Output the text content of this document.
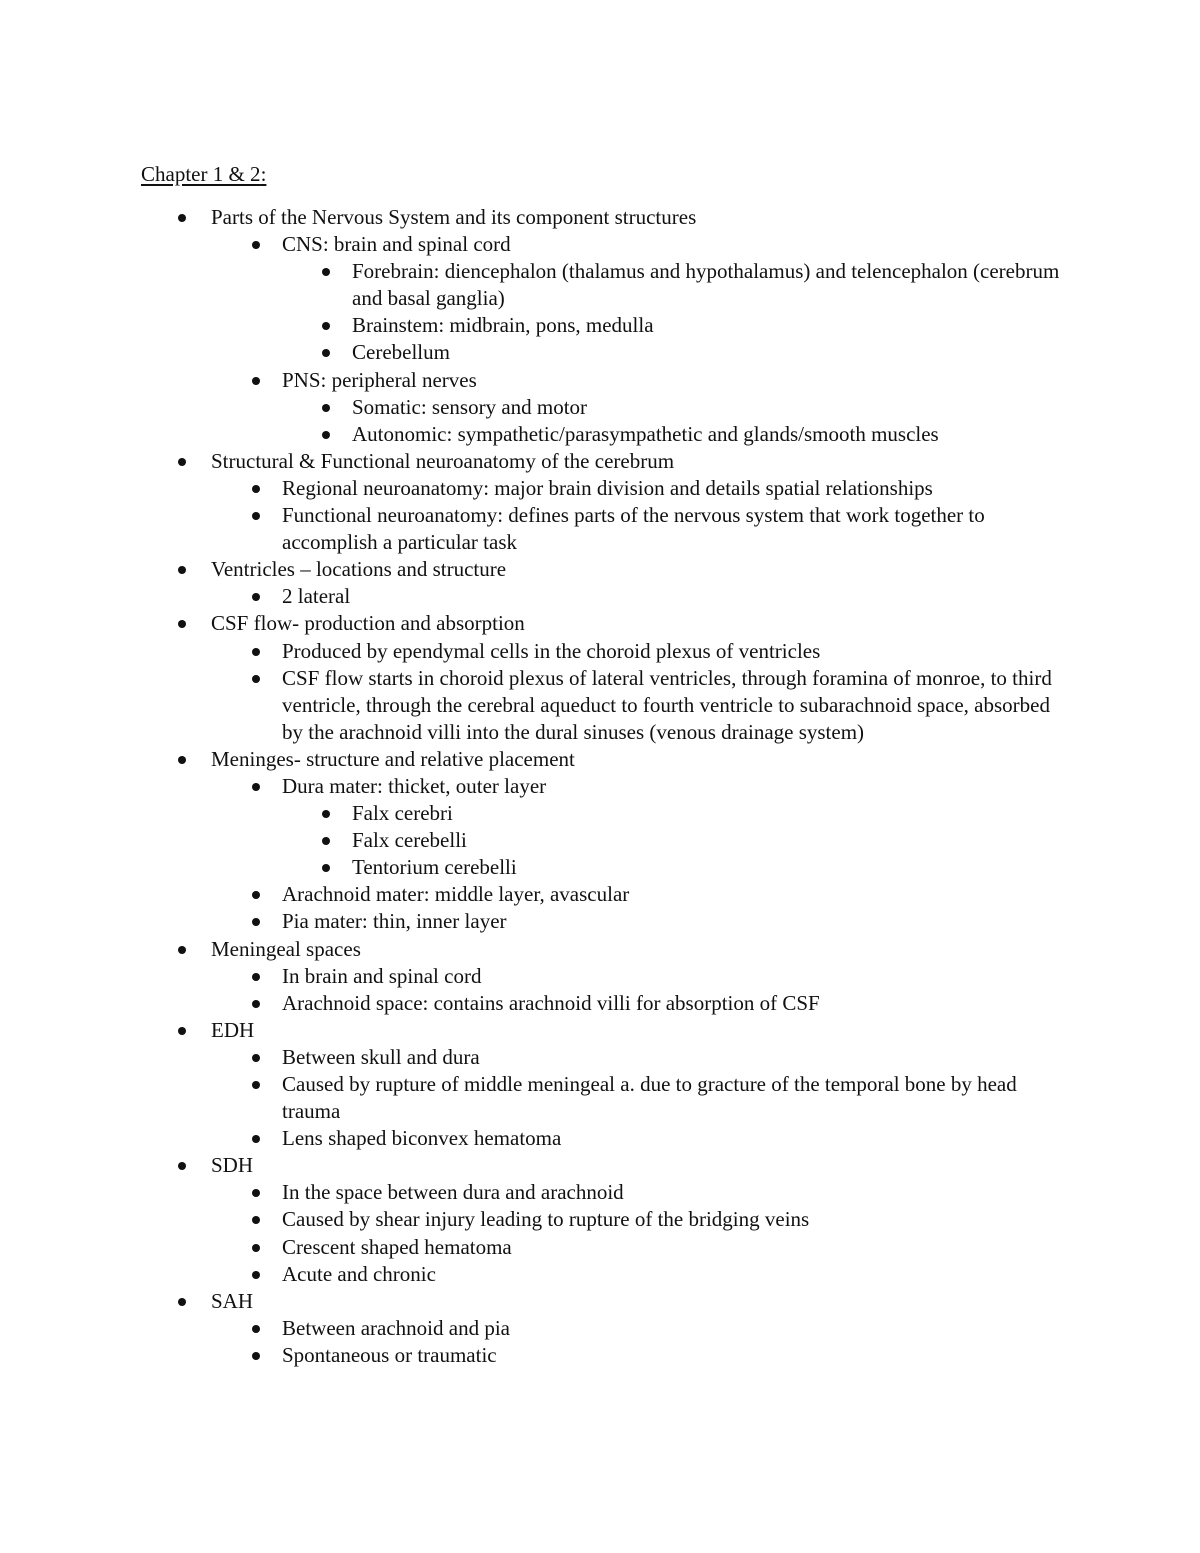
Chapter 1 & 2:
Parts of the Nervous System and its component structures
CNS: brain and spinal cord
Forebrain: diencephalon (thalamus and hypothalamus) and telencephalon (cerebrum and basal ganglia)
Brainstem: midbrain, pons, medulla
Cerebellum
PNS: peripheral nerves
Somatic: sensory and motor
Autonomic: sympathetic/parasympathetic and glands/smooth muscles
Structural & Functional neuroanatomy of the cerebrum
Regional neuroanatomy: major brain division and details spatial relationships
Functional neuroanatomy: defines parts of the nervous system that work together to accomplish a particular task
Ventricles – locations and structure
2 lateral
CSF flow- production and absorption
Produced by ependymal cells in the choroid plexus of ventricles
CSF flow starts in choroid plexus of lateral ventricles, through foramina of monroe, to third ventricle, through the cerebral aqueduct to fourth ventricle to subarachnoid space, absorbed by the arachnoid villi into the dural sinuses (venous drainage system)
Meninges- structure and relative placement
Dura mater: thicket, outer layer
Falx cerebri
Falx cerebelli
Tentorium cerebelli
Arachnoid mater: middle layer, avascular
Pia mater: thin, inner layer
Meningeal spaces
In brain and spinal cord
Arachnoid space: contains arachnoid villi for absorption of CSF
EDH
Between skull and dura
Caused by rupture of middle meningeal a. due to gracture of the temporal bone by head trauma
Lens shaped biconvex hematoma
SDH
In the space between dura and arachnoid
Caused by shear injury leading to rupture of the bridging veins
Crescent shaped hematoma
Acute and chronic
SAH
Between arachnoid and pia
Spontaneous or traumatic
